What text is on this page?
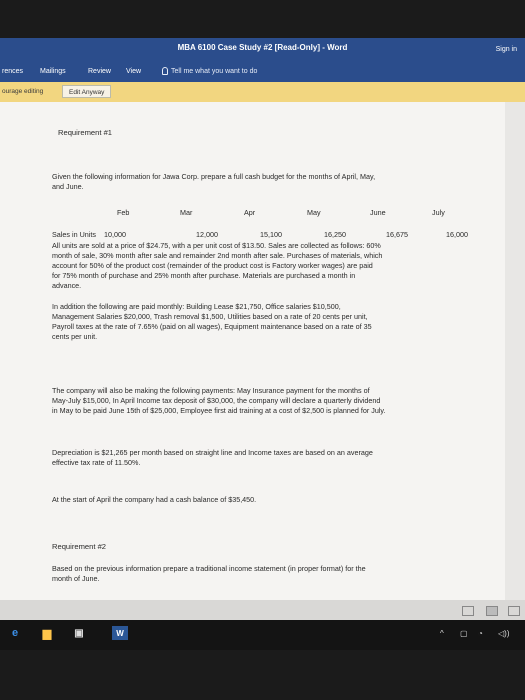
MBA 6100 Case Study #2 [Read-Only] - Word	Sign in
rences Mailings	Review View	Tell me what you want to do
ourage editing	Edit Anyway
Requirement #1
Given the following information for Jawa Corp. prepare a full cash budget for the months of April, May,
and June.
Feb	Mar	Apr	May	June	July
Sales in Units 10,000	12,000	15,100	16,250	16,675	16,000
All units are sold at a price of $24.75, with a per unit cost of $13.50. Sales are collected as follows: 60%
month of sale, 30% month after sale and remainder 2nd month after sale. Purchases of materials, which
account for 50% of the product cost (remainder of the product cost is Factory worker wages) are paid
for 75% month of purchase and 25% month after purchase. Materials are purchased a month in
advance.
In addition the following are paid monthly: Building Lease $21,750, Office salaries $10,500,
Management Salaries $20,000, Trash removal $1,500, Utilities based on a rate of 20 cents per unit,
Payroll taxes at the rate of 7.65% (paid on all wages), Equipment maintenance based on a rate of 35
cents per unit.
The company will also be making the following payments: May Insurance payment for the months of
May-July $15,000, In April Income tax deposit of $30,000, the company will declare a quarterly dividend
in May to be paid June 15th of $25,000, Employee first aid training at a cost of $2,500 is planned for July.
Depreciation is $21,265 per month based on straight line and Income taxes are based on an average
effective tax rate of 11.50%.
At the start of April the company had a cash balance of $35,450.
Requirement #2
Based on the previous information prepare a traditional income statement (in proper format) for the
month of June.
e	▆ ▣	W	^ ▢ ◔ ◁))
